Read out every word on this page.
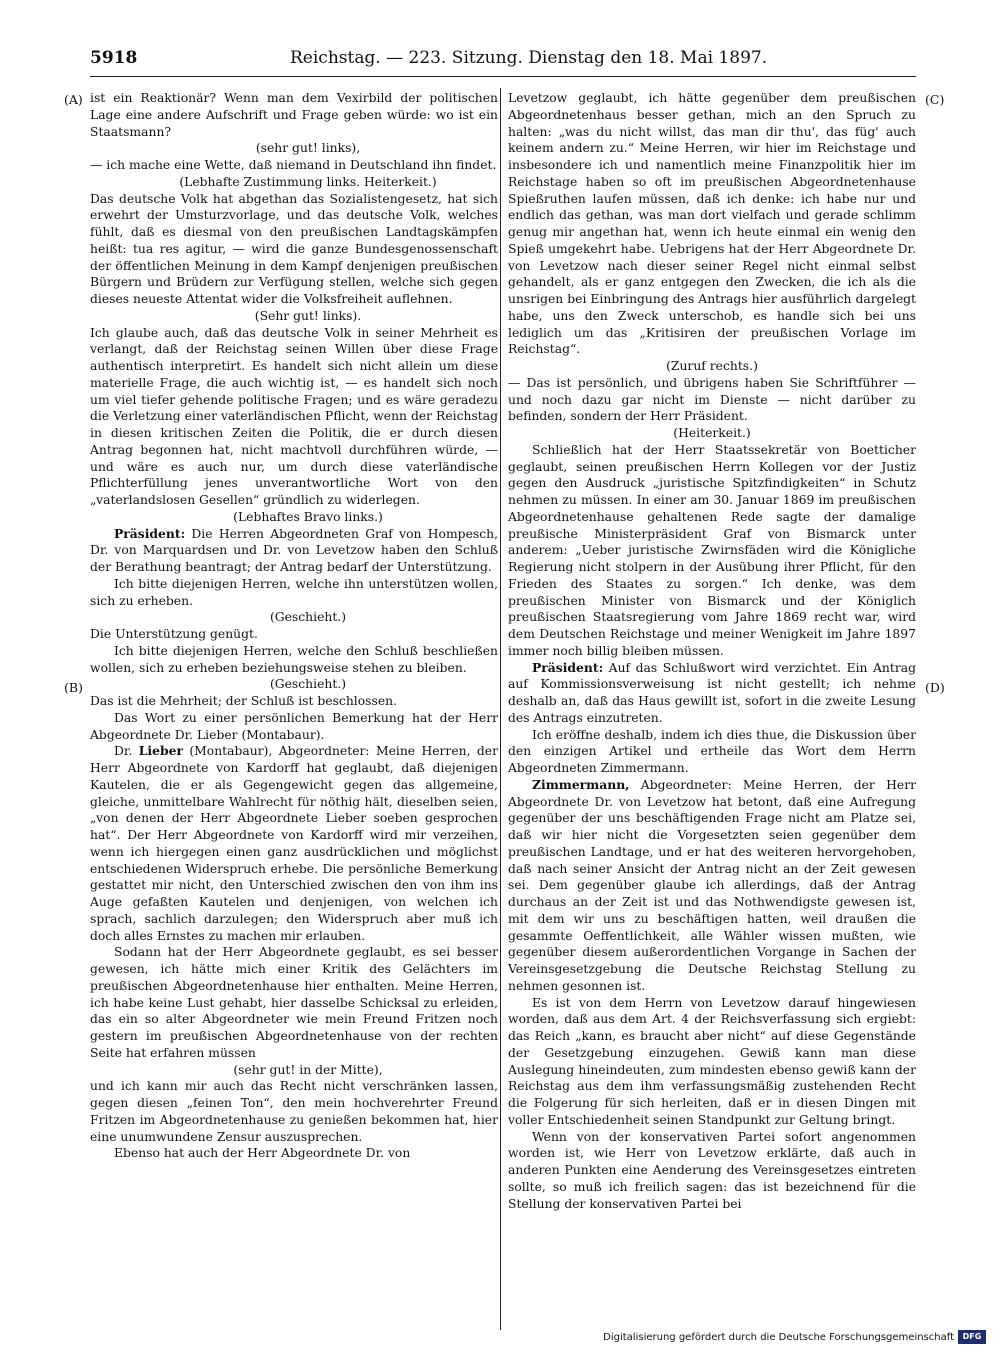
5918	Reichstag. — 223. Sitzung. Dienstag den 18. Mai 1897.
(A)
(B)
(C)
(D)

ist ein Reaktionär? Wenn man dem Vexirbild der politischen Lage eine andere Aufschrift und Frage geben würde: wo ist ein Staatsmann?

(sehr gut! links),

— ich mache eine Wette, daß niemand in Deutschland ihn findet.

(Lebhafte Zustimmung links. Heiterkeit.)

Das deutsche Volk hat abgethan das Sozialistengesetz, hat sich erwehrt der Umsturzvorlage, und das deutsche Volk, welches fühlt, daß es diesmal von den preußischen Landtagskämpfen heißt: tua res agitur, — wird die ganze Bundesgenossenschaft der öffentlichen Meinung in dem Kampf denjenigen preußischen Bürgern und Brüdern zur Verfügung stellen, welche sich gegen dieses neueste Attentat wider die Volksfreiheit auflehnen.

(Sehr gut! links).

Ich glaube auch, daß das deutsche Volk in seiner Mehrheit es verlangt, daß der Reichstag seinen Willen über diese Frage authentisch interpretirt. Es handelt sich nicht allein um diese materielle Frage, die auch wichtig ist, — es handelt sich noch um viel tiefer gehende politische Fragen; und es wäre geradezu die Verletzung einer vaterländischen Pflicht, wenn der Reichstag in diesen kritischen Zeiten die Politik, die er durch diesen Antrag begonnen hat, nicht machtvoll durchführen würde, — und wäre es auch nur, um durch diese vaterländische Pflichterfüllung jenes unverantwortliche Wort von den „vaterlandslosen Gesellen“ gründlich zu widerlegen.

(Lebhaftes Bravo links.)

Präsident: Die Herren Abgeordneten Graf von Hompesch, Dr. von Marquardsen und Dr. von Levetzow haben den Schluß der Berathung beantragt; der Antrag bedarf der Unterstützung.

Ich bitte diejenigen Herren, welche ihn unterstützen wollen, sich zu erheben.

(Geschieht.)

Die Unterstützung genügt.

Ich bitte diejenigen Herren, welche den Schluß beschließen wollen, sich zu erheben beziehungsweise stehen zu bleiben.

(Geschieht.)

Das ist die Mehrheit; der Schluß ist beschlossen.

Das Wort zu einer persönlichen Bemerkung hat der Herr Abgeordnete Dr. Lieber (Montabaur).

Dr. Lieber (Montabaur), Abgeordneter: Meine Herren, der Herr Abgeordnete von Kardorff hat geglaubt, daß diejenigen Kautelen, die er als Gegengewicht gegen das allgemeine, gleiche, unmittelbare Wahlrecht für nöthig hält, dieselben seien, „von denen der Herr Abgeordnete Lieber soeben gesprochen hat“. Der Herr Abgeordnete von Kardorff wird mir verzeihen, wenn ich hiergegen einen ganz ausdrücklichen und möglichst entschiedenen Widerspruch erhebe. Die persönliche Bemerkung gestattet mir nicht, den Unterschied zwischen den von ihm ins Auge gefaßten Kautelen und denjenigen, von welchen ich sprach, sachlich darzulegen; den Widerspruch aber muß ich doch alles Ernstes zu machen mir erlauben.

Sodann hat der Herr Abgeordnete geglaubt, es sei besser gewesen, ich hätte mich einer Kritik des Gelächters im preußischen Abgeordnetenhause hier enthalten. Meine Herren, ich habe keine Lust gehabt, hier dasselbe Schicksal zu erleiden, das ein so alter Abgeordneter wie mein Freund Fritzen noch gestern im preußischen Abgeordnetenhause von der rechten Seite hat erfahren müssen

(sehr gut! in der Mitte),

und ich kann mir auch das Recht nicht verschränken lassen, gegen diesen „feinen Ton“, den mein hochverehrter Freund Fritzen im Abgeordnetenhause zu genießen bekommen hat, hier eine unumwundene Zensur auszusprechen.

Ebenso hat auch der Herr Abgeordnete Dr. von

Levetzow geglaubt, ich hätte gegenüber dem preußischen Abgeordnetenhaus besser gethan, mich an den Spruch zu halten: „was du nicht willst, das man dir thu', das füg' auch keinem andern zu.“ Meine Herren, wir hier im Reichstage und insbesondere ich und namentlich meine Finanzpolitik hier im Reichstage haben so oft im preußischen Abgeordnetenhause Spießruthen laufen müssen, daß ich denke: ich habe nur und endlich das gethan, was man dort vielfach und gerade schlimm genug mir angethan hat, wenn ich heute einmal ein wenig den Spieß umgekehrt habe. Uebrigens hat der Herr Abgeordnete Dr. von Levetzow nach dieser seiner Regel nicht einmal selbst gehandelt, als er ganz entgegen den Zwecken, die ich als die unsrigen bei Einbringung des Antrags hier ausführlich dargelegt habe, uns den Zweck unterschob, es handle sich bei uns lediglich um das „Kritisiren der preußischen Vorlage im Reichstag“.

(Zuruf rechts.)

— Das ist persönlich, und übrigens haben Sie Schriftführer — und noch dazu gar nicht im Dienste — nicht darüber zu befinden, sondern der Herr Präsident.

(Heiterkeit.)

Schließlich hat der Herr Staatssekretär von Boetticher geglaubt, seinen preußischen Herrn Kollegen vor der Justiz gegen den Ausdruck „juristische Spitzfindigkeiten“ in Schutz nehmen zu müssen. In einer am 30. Januar 1869 im preußischen Abgeordnetenhause gehaltenen Rede sagte der damalige preußische Ministerpräsident Graf von Bismarck unter anderem: „Ueber juristische Zwirnsfäden wird die Königliche Regierung nicht stolpern in der Ausübung ihrer Pflicht, für den Frieden des Staates zu sorgen.“ Ich denke, was dem preußischen Minister von Bismarck und der Königlich preußischen Staatsregierung vom Jahre 1869 recht war, wird dem Deutschen Reichstage und meiner Wenigkeit im Jahre 1897 immer noch billig bleiben müssen.

Präsident: Auf das Schlußwort wird verzichtet. Ein Antrag auf Kommissionsverweisung ist nicht gestellt; ich nehme deshalb an, daß das Haus gewillt ist, sofort in die zweite Lesung des Antrags einzutreten.

Ich eröffne deshalb, indem ich dies thue, die Diskussion über den einzigen Artikel und ertheile das Wort dem Herrn Abgeordneten Zimmermann.

Zimmermann, Abgeordneter: Meine Herren, der Herr Abgeordnete Dr. von Levetzow hat betont, daß eine Aufregung gegenüber der uns beschäftigenden Frage nicht am Platze sei, daß wir hier nicht die Vorgesetzten seien gegenüber dem preußischen Landtage, und er hat des weiteren hervorgehoben, daß nach seiner Ansicht der Antrag nicht an der Zeit gewesen sei. Dem gegenüber glaube ich allerdings, daß der Antrag durchaus an der Zeit ist und das Nothwendigste gewesen ist, mit dem wir uns zu beschäftigen hatten, weil draußen die gesammte Oeffentlichkeit, alle Wähler wissen mußten, wie gegenüber diesem außerordentlichen Vorgange in Sachen der Vereinsgesetzgebung die Deutsche Reichstag Stellung zu nehmen gesonnen ist.

Es ist von dem Herrn von Levetzow darauf hingewiesen worden, daß aus dem Art. 4 der Reichsverfassung sich ergiebt: das Reich „kann, es braucht aber nicht“ auf diese Gegenstände der Gesetzgebung einzugehen. Gewiß kann man diese Auslegung hineindeuten, zum mindesten ebenso gewiß kann der Reichstag aus dem ihm verfassungsmäßig zustehenden Recht die Folgerung für sich herleiten, daß er in diesen Dingen mit voller Entschiedenheit seinen Standpunkt zur Geltung bringt.

Wenn von der konservativen Partei sofort angenommen worden ist, wie Herr von Levetzow erklärte, daß auch in anderen Punkten eine Aenderung des Vereinsgesetzes eintreten sollte, so muß ich freilich sagen: das ist bezeichnend für die Stellung der konservativen Partei bei

Digitalisierung gefördert durch die Deutsche Forschungsgemeinschaft	DFG
